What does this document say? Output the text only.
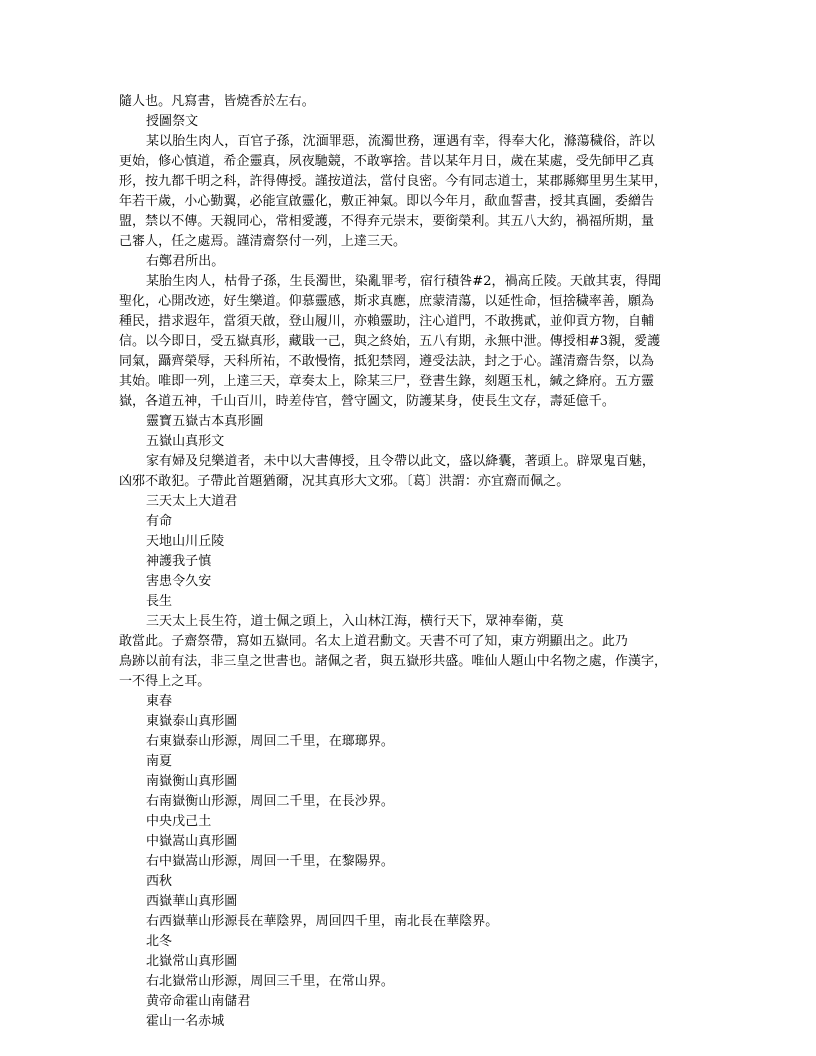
隨人也。凡寫書，皆燒香於左右。
授圖祭文
某以胎生肉人，百官子孫，沈湎罪惡，流濁世務，運遇有幸，得奉大化，滌蕩穢俗，許以
更始，修心慎道，希企靈真，夙夜馳競，不敢寧捨。昔以某年月日，歲在某處，受先師甲乙真
形，按九都千明之科，許得傳授。謹按道法，當付良密。今有同志道士，某郡縣鄉里男生某甲，
年若干歲，小心勤翼，必能宣啟靈化，敷正神氣。即以今年月，歃血誓書，授其真圖，委繒告
盟，禁以不傳。天親同心，常相愛護，不得弃元崇末，要銜榮利。其五八大約，禍福所期，量
己審人，任之處焉。謹清齋祭付一列，上達三天。
右鄭君所出。
某胎生肉人，枯骨子孫，生長濁世，染亂罪考，宿行積咎#2，禍高丘陵。天啟其衷，得聞
聖化，心開改迹，好生樂道。仰慕靈感，斯求真應，庶蒙清蕩，以延性命，恒捨穢率善，願為
種民，措求遐年，當須天啟，登山履川，亦賴靈助，注心道門，不敢携貳，並仰貢方物，自輔
信。以今即日，受五嶽真形，藏戢一己，與之終始，五八有期，永無中泄。傳授相#3親，愛護
同氣，躡齊榮辱，天科所祐，不敢慢惰，抵犯禁罔，遵受法訣，封之于心。謹清齋告祭，以為
其始。唯即一列，上達三天，章奏太上，除某三尸，登書生錄，刻題玉札，緘之絳府。五方靈
嶽，各道五神，千山百川，時差侍官，營守圖文，防護某身，使長生文存，壽延億千。
靈寶五嶽古本真形圖
五嶽山真形文
家有婦及兒樂道者，未中以大書傳授，且令帶以此文，盛以絳囊，著頭上。辟眾鬼百魅，
凶邪不敢犯。子帶此首題猶爾，况其真形大文邪。〔葛〕洪謂：亦宜齋而佩之。
三天太上大道君
有命
天地山川丘陵
神護我子慎
害患令久安
長生
三天太上長生符，道士佩之頭上，入山林江海，横行天下，眾神奉衛，莫
敢當此。子齋祭帶，寫如五嶽同。名太上道君勳文。天書不可了知，東方朔顯出之。此乃
鳥跡以前有法，非三皇之世書也。諸佩之者，與五嶽形共盛。唯仙人題山中名物之處，作漢字，
一不得上之耳。
東春
東嶽泰山真形圖
右東嶽泰山形源，周回二千里，在瑯瑯界。
南夏
南嶽衡山真形圖
右南嶽衡山形源，周回二千里，在長沙界。
中央戊己土
中嶽嵩山真形圖
右中嶽嵩山形源，周回一千里，在黎陽界。
西秋
西嶽華山真形圖
右西嶽華山形源長在華陰界，周回四千里，南北長在華陰界。
北冬
北嶽常山真形圖
右北嶽常山形源，周回三千里，在常山界。
黄帝命霍山南儲君
霍山一名赤城
